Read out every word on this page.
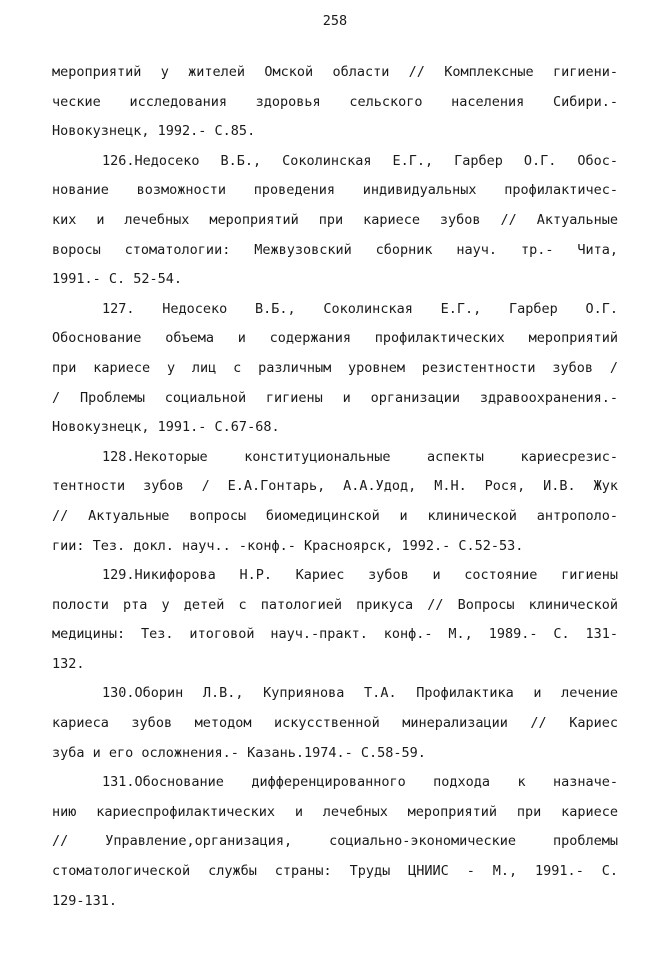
258
мероприятий у жителей Омской области // Комплексные гигиени-
ческие исследования здоровья сельского населения Сибири.-
Новокузнецк, 1992.- С.85.
126.Недосеко В.Б., Соколинская Е.Г., Гарбер О.Г. Обос-
нование возможности проведения индивидуальных профилактичес-
ких и лечебных мероприятий при кариесе зубов // Актуальные
воросы стоматологии: Межвузовский сборник науч. тр.- Чита,
1991.- С. 52-54.
127. Недосеко В.Б., Соколинская Е.Г., Гарбер О.Г.
Обоснование объема и содержания профилактических мероприятий
при кариесе у лиц с различным уровнем резистентности зубов /
/ Проблемы социальной гигиены и организации здравоохранения.-
Новокузнецк, 1991.- С.67-68.
128.Некоторые конституциональные аспекты кариесрезис-
тентности зубов / Е.А.Гонтарь, А.А.Удод, М.Н. Рося, И.В. Жук
// Актуальные вопросы биомедицинской и клинической антрополо-
гии: Тез. докл. науч.. -конф.- Красноярск, 1992.- С.52-53.
129.Никифорова Н.Р. Кариес зубов и состояние гигиены
полости рта у детей с патологией прикуса // Вопросы клинической
медицины: Тез. итоговой науч.-практ. конф.- М., 1989.- С. 131-
132.
130.Оборин Л.В., Куприянова Т.А. Профилактика и лечение
кариеса зубов методом искусственной минерализации // Кариес
зуба и его осложнения.- Казань.1974.- С.58-59.
131.Обоснование дифференцированного подхода к назначе-
нию кариеспрофилактических и лечебных мероприятий при кариесе
// Управление,организация, социально-экономические проблемы
стоматологической службы страны: Труды ЦНИИС - М., 1991.- С.
129-131.
